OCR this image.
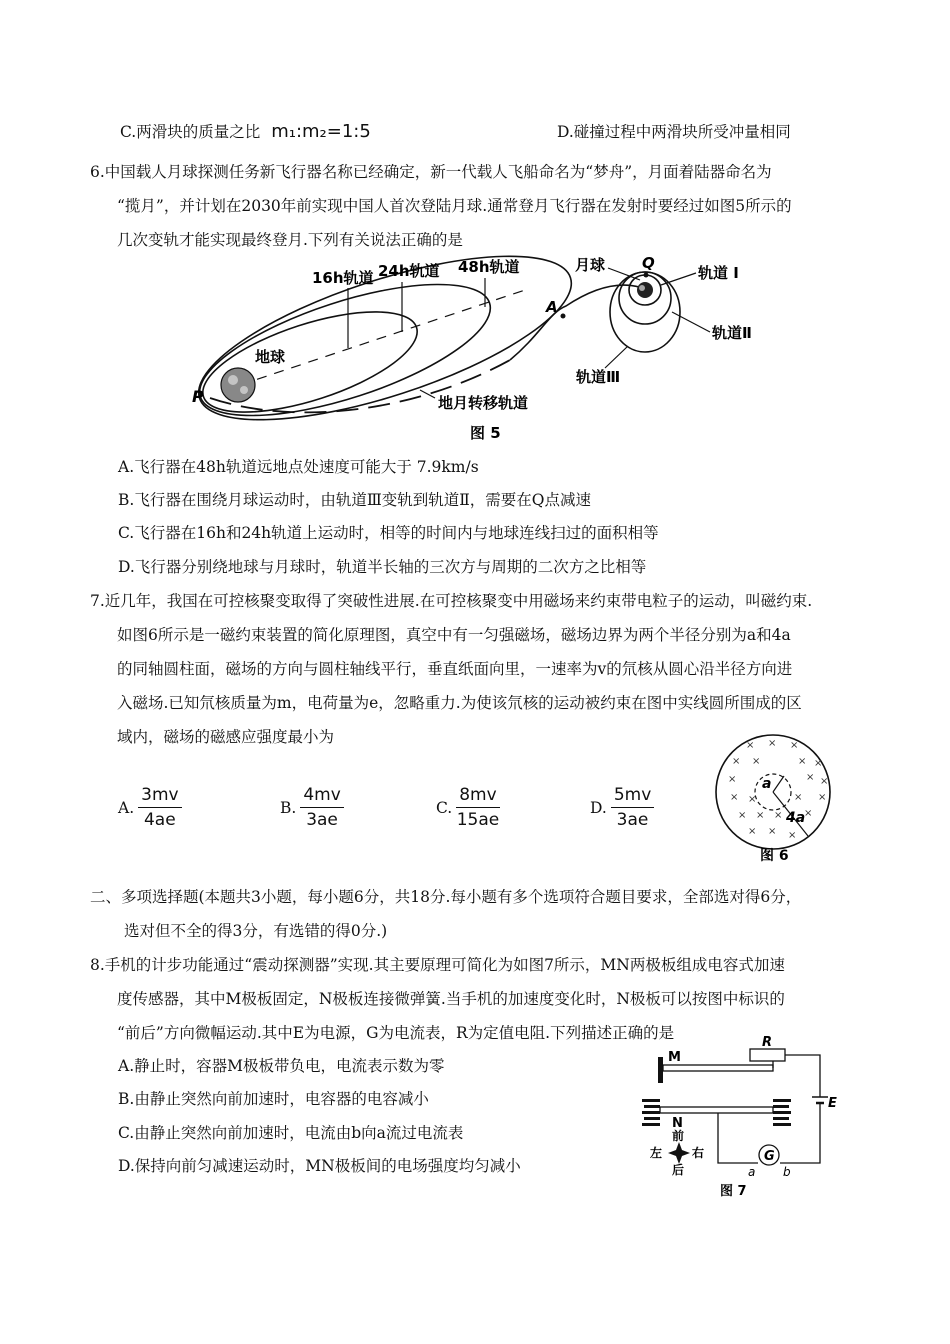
C.两滑块的质量之比 m₁:m₂=1:5	D.碰撞过程中两滑块所受冲量相同
6.中国载人月球探测任务新飞行器名称已经确定，新一代载人飞船命名为“梦舟”，月面着陆器命名为
“揽月”，并计划在2030年前实现中国人首次登陆月球.通常登月飞行器在发射时要经过如图5所示的
几次变轨才能实现最终登月.下列有关说法正确的是
16h轨道 24h轨道 48h轨道
地球
P
A
地月转移轨道
月球 Q
轨道 I
轨道Ⅱ
轨道Ⅲ
图 5
A.飞行器在48h轨道远地点处速度可能大于 7.9km/s
B.飞行器在围绕月球运动时，由轨道Ⅲ变轨到轨道Ⅱ，需要在Q点减速
C.飞行器在16h和24h轨道上运动时，相等的时间内与地球连线扫过的面积相等
D.飞行器分别绕地球与月球时，轨道半长轴的三次方与周期的二次方之比相等
7.近几年，我国在可控核聚变取得了突破性进展.在可控核聚变中用磁场来约束带电粒子的运动，叫磁约束.
如图6所示是一磁约束装置的简化原理图，真空中有一匀强磁场，磁场边界为两个半径分别为a和4a
的同轴圆柱面，磁场的方向与圆柱轴线平行，垂直纸面向里，一速率为v的氘核从圆心沿半径方向进
入磁场.已知氘核质量为m，电荷量为e，忽略重力.为使该氘核的运动被约束在图中实线圆所围成的区
域内，磁场的磁感应强度最小为
A. $\frac{3mv}{4ae}$	B. $\frac{4mv}{3ae}$	C. $\frac{8mv}{15ae}$	D. $\frac{5mv}{3ae}$
× × ×
× ×	× ×
×	× ×
× ×	× ×
× × × ×
× × ×
a
4a
图 6
二、多项选择题(本题共3小题，每小题6分，共18分.每小题有多个选项符合题目要求，全部选对得6分，
选对但不全的得3分，有选错的得0分.)
8.手机的计步功能通过“震动探测器”实现.其主要原理可简化为如图7所示，MN两极板组成电容式加速
度传感器，其中M极板固定，N极板连接微弹簧.当手机的加速度变化时，N极板可以按图中标识的
“前后”方向微幅运动.其中E为电源，G为电流表，R为定值电阻.下列描述正确的是
A.静止时，容器M极板带负电，电流表示数为零
B.由静止突然向前加速时，电容器的电容减小
C.由静止突然向前加速时，电流由b向a流过电流表
D.保持向前匀减速运动时，MN极板间的电场强度均匀减小
M
R
E
N
G
a b
前
后
左 右
图 7
